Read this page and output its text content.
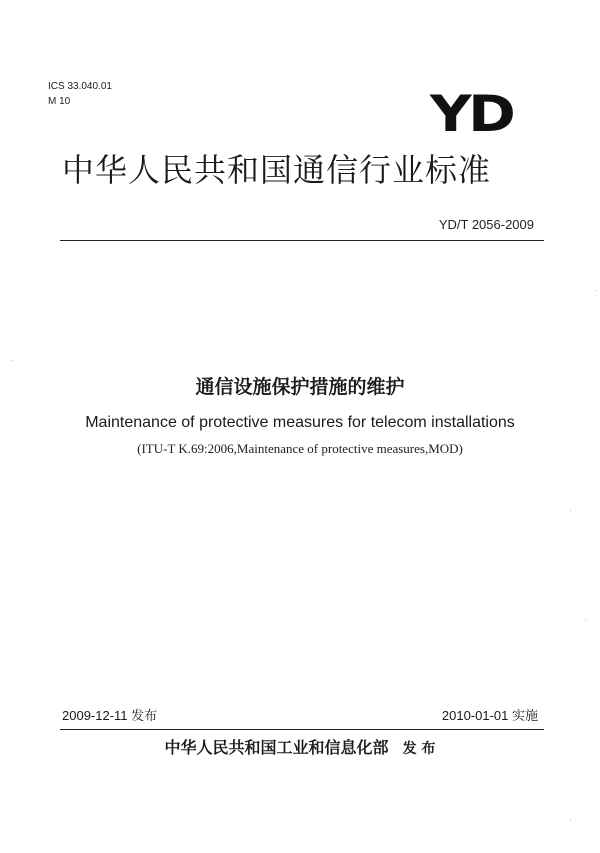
ICS 33.040.01
M 10	YD
中华人民共和国通信行业标准
YD/T 2056-2009
通信设施保护措施的维护
Maintenance of protective measures for telecom installations
(ITU-T K.69:2006,Maintenance of protective measures,MOD)
2009-12-11 发布	2010-01-01 实施
中华人民共和国工业和信息化部 发 布
